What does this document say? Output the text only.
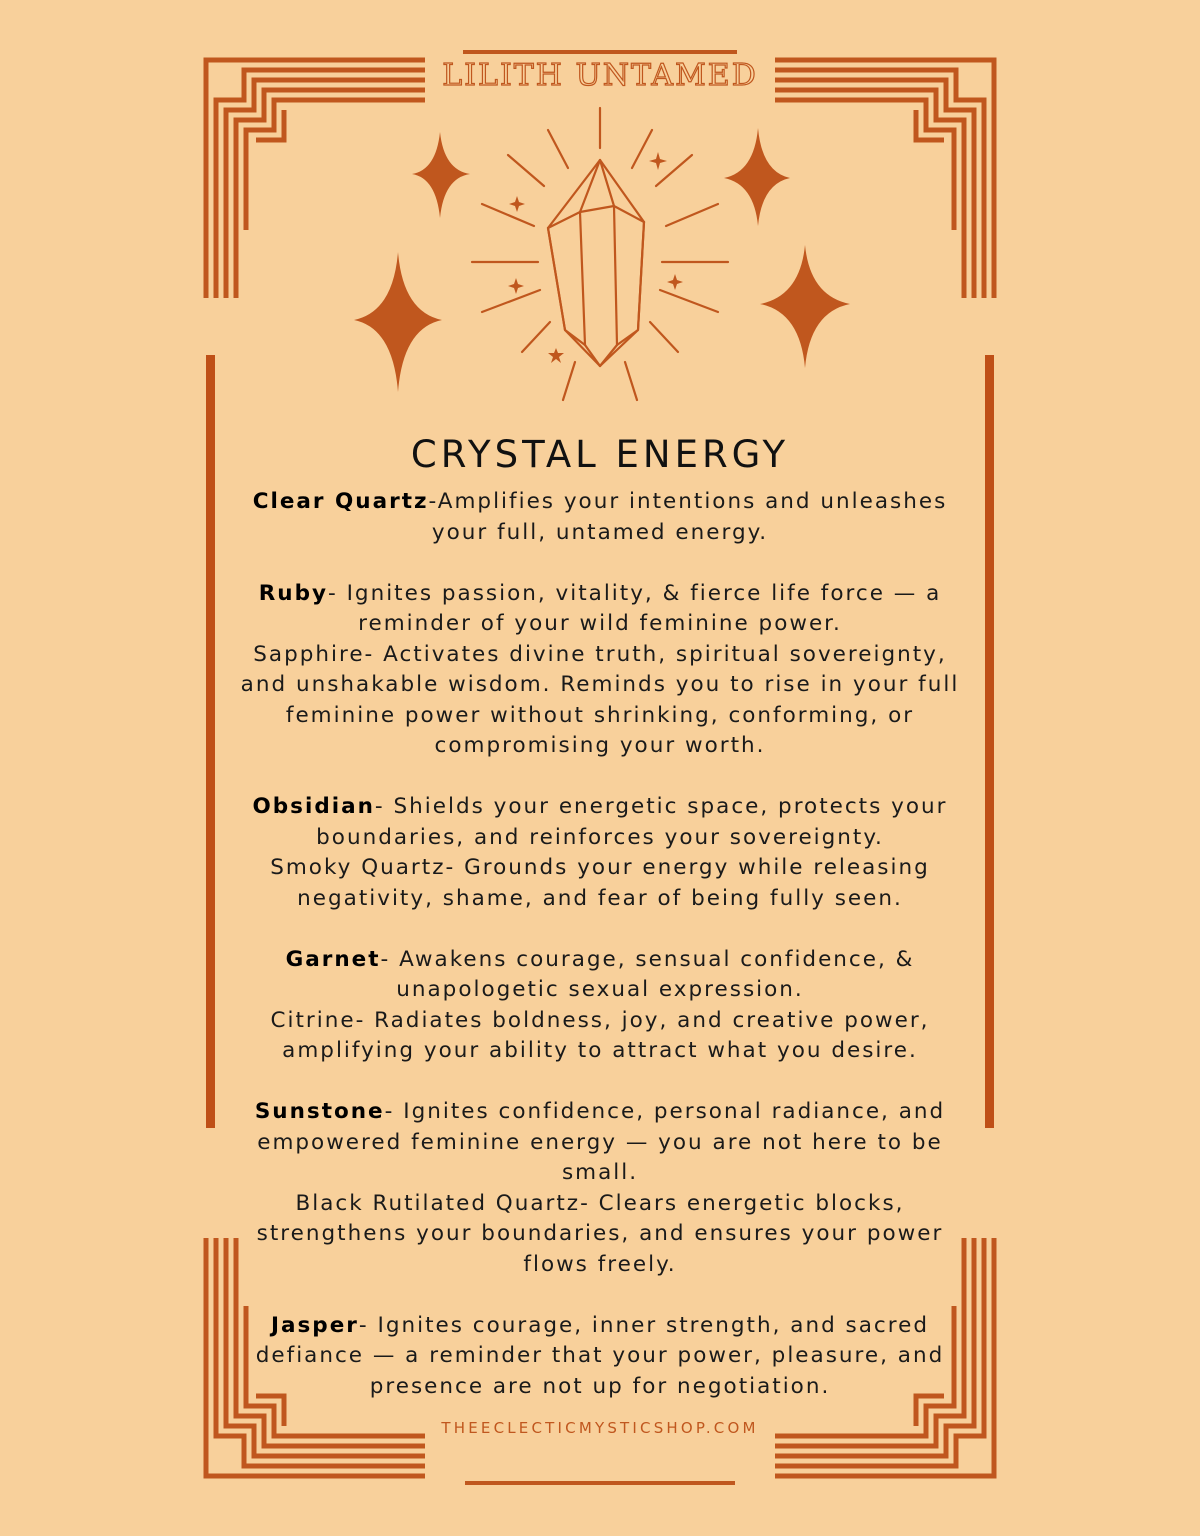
LILITH UNTAMED
CRYSTAL ENERGY

Clear Quartz-Amplifies your intentions and unleashes your full, untamed energy.

Ruby- Ignites passion, vitality, & fierce life force — a reminder of your wild feminine power.

Sapphire- Activates divine truth, spiritual sovereignty, and unshakable wisdom. Reminds you to rise in your full feminine power without shrinking, conforming, or compromising your worth.

Obsidian- Shields your energetic space, protects your boundaries, and reinforces your sovereignty.

Smoky Quartz- Grounds your energy while releasing negativity, shame, and fear of being fully seen.

Garnet- Awakens courage, sensual confidence, & unapologetic sexual expression.

Citrine- Radiates boldness, joy, and creative power, amplifying your ability to attract what you desire.

Sunstone- Ignites confidence, personal radiance, and empowered feminine energy — you are not here to be small.

Black Rutilated Quartz- Clears energetic blocks, strengthens your boundaries, and ensures your power flows freely.

Jasper- Ignites courage, inner strength, and sacred defiance — a reminder that your power, pleasure, and presence are not up for negotiation.

THEECLECTICMYSTICSHOP.COM
